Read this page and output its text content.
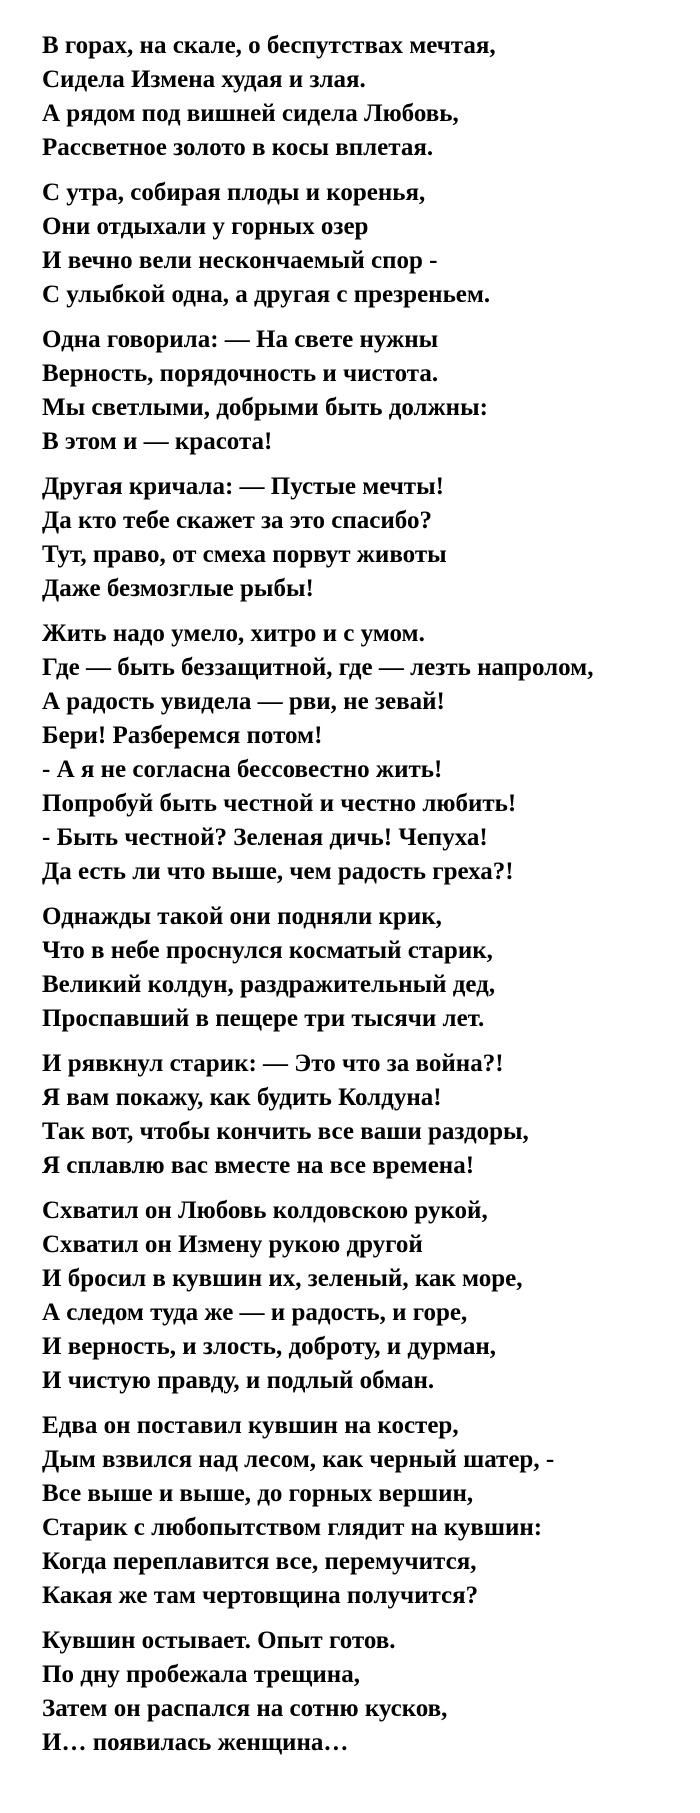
В горах, на скале, о беспутствах мечтая,
Сидела Измена худая и злая.
А рядом под вишней сидела Любовь,
Рассветное золото в косы вплетая.
С утра, собирая плоды и коренья,
Они отдыхали у горных озер
И вечно вели нескончаемый спор -
С улыбкой одна, а другая с презреньем.
Одна говорила: — На свете нужны
Верность, порядочность и чистота.
Мы светлыми, добрыми быть должны:
В этом и — красота!
Другая кричала: — Пустые мечты!
Да кто тебе скажет за это спасибо?
Тут, право, от смеха порвут животы
Даже безмозглые рыбы!
Жить надо умело, хитро и с умом.
Где — быть беззащитной, где — лезть напролом,
А радость увидела — рви, не зевай!
Бери! Разберемся потом!
- А я не согласна бессовестно жить!
Попробуй быть честной и честно любить!
- Быть честной? Зеленая дичь! Чепуха!
Да есть ли что выше, чем радость греха?!
Однажды такой они подняли крик,
Что в небе проснулся косматый старик,
Великий колдун, раздражительный дед,
Проспавший в пещере три тысячи лет.
И рявкнул старик: — Это что за война?!
Я вам покажу, как будить Колдуна!
Так вот, чтобы кончить все ваши раздоры,
Я сплавлю вас вместе на все времена!
Схватил он Любовь колдовскою рукой,
Схватил он Измену рукою другой
И бросил в кувшин их, зеленый, как море,
А следом туда же — и радость, и горе,
И верность, и злость, доброту, и дурман,
И чистую правду, и подлый обман.
Едва он поставил кувшин на костер,
Дым взвился над лесом, как черный шатер, -
Все выше и выше, до горных вершин,
Старик с любопытством глядит на кувшин:
Когда переплавится все, перемучится,
Какая же там чертовщина получится?
Кувшин остывает. Опыт готов.
По дну пробежала трещина,
Затем он распался на сотню кусков,
И… появилась женщина…
